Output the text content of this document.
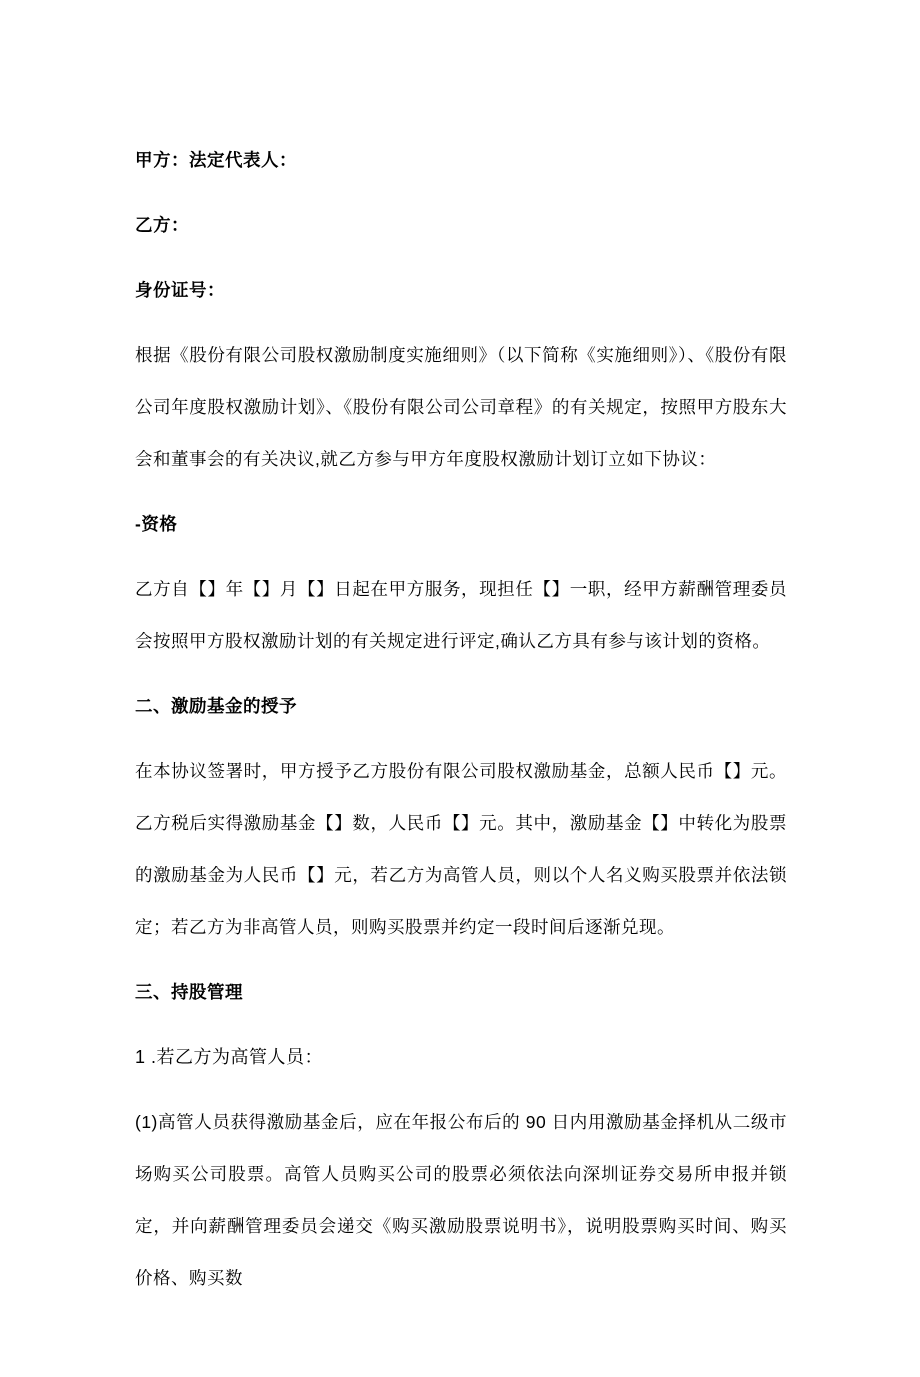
甲方：法定代表人：

乙方：

身份证号：

根据《股份有限公司股权激励制度实施细则》（以下简称《实施细则》）、《股份有限公司年度股权激励计划》、《股份有限公司公司章程》的有关规定，按照甲方股东大会和董事会的有关决议,就乙方参与甲方年度股权激励计划订立如下协议：

-资格

乙方自【】年【】月【】日起在甲方服务，现担任【】一职，经甲方薪酬管理委员会按照甲方股权激励计划的有关规定进行评定,确认乙方具有参与该计划的资格。

二、激励基金的授予

在本协议签署时，甲方授予乙方股份有限公司股权激励基金，总额人民币【】元。乙方税后实得激励基金【】数，人民币【】元。其中，激励基金【】中转化为股票的激励基金为人民币【】元，若乙方为高管人员，则以个人名义购买股票并依法锁定；若乙方为非高管人员，则购买股票并约定一段时间后逐渐兑现。

三、持股管理

1 .若乙方为高管人员：

(1)高管人员获得激励基金后，应在年报公布后的 90 日内用激励基金择机从二级市场购买公司股票。高管人员购买公司的股票必须依法向深圳证券交易所申报并锁定，并向薪酬管理委员会递交《购买激励股票说明书》，说明股票购买时间、购买价格、购买数
